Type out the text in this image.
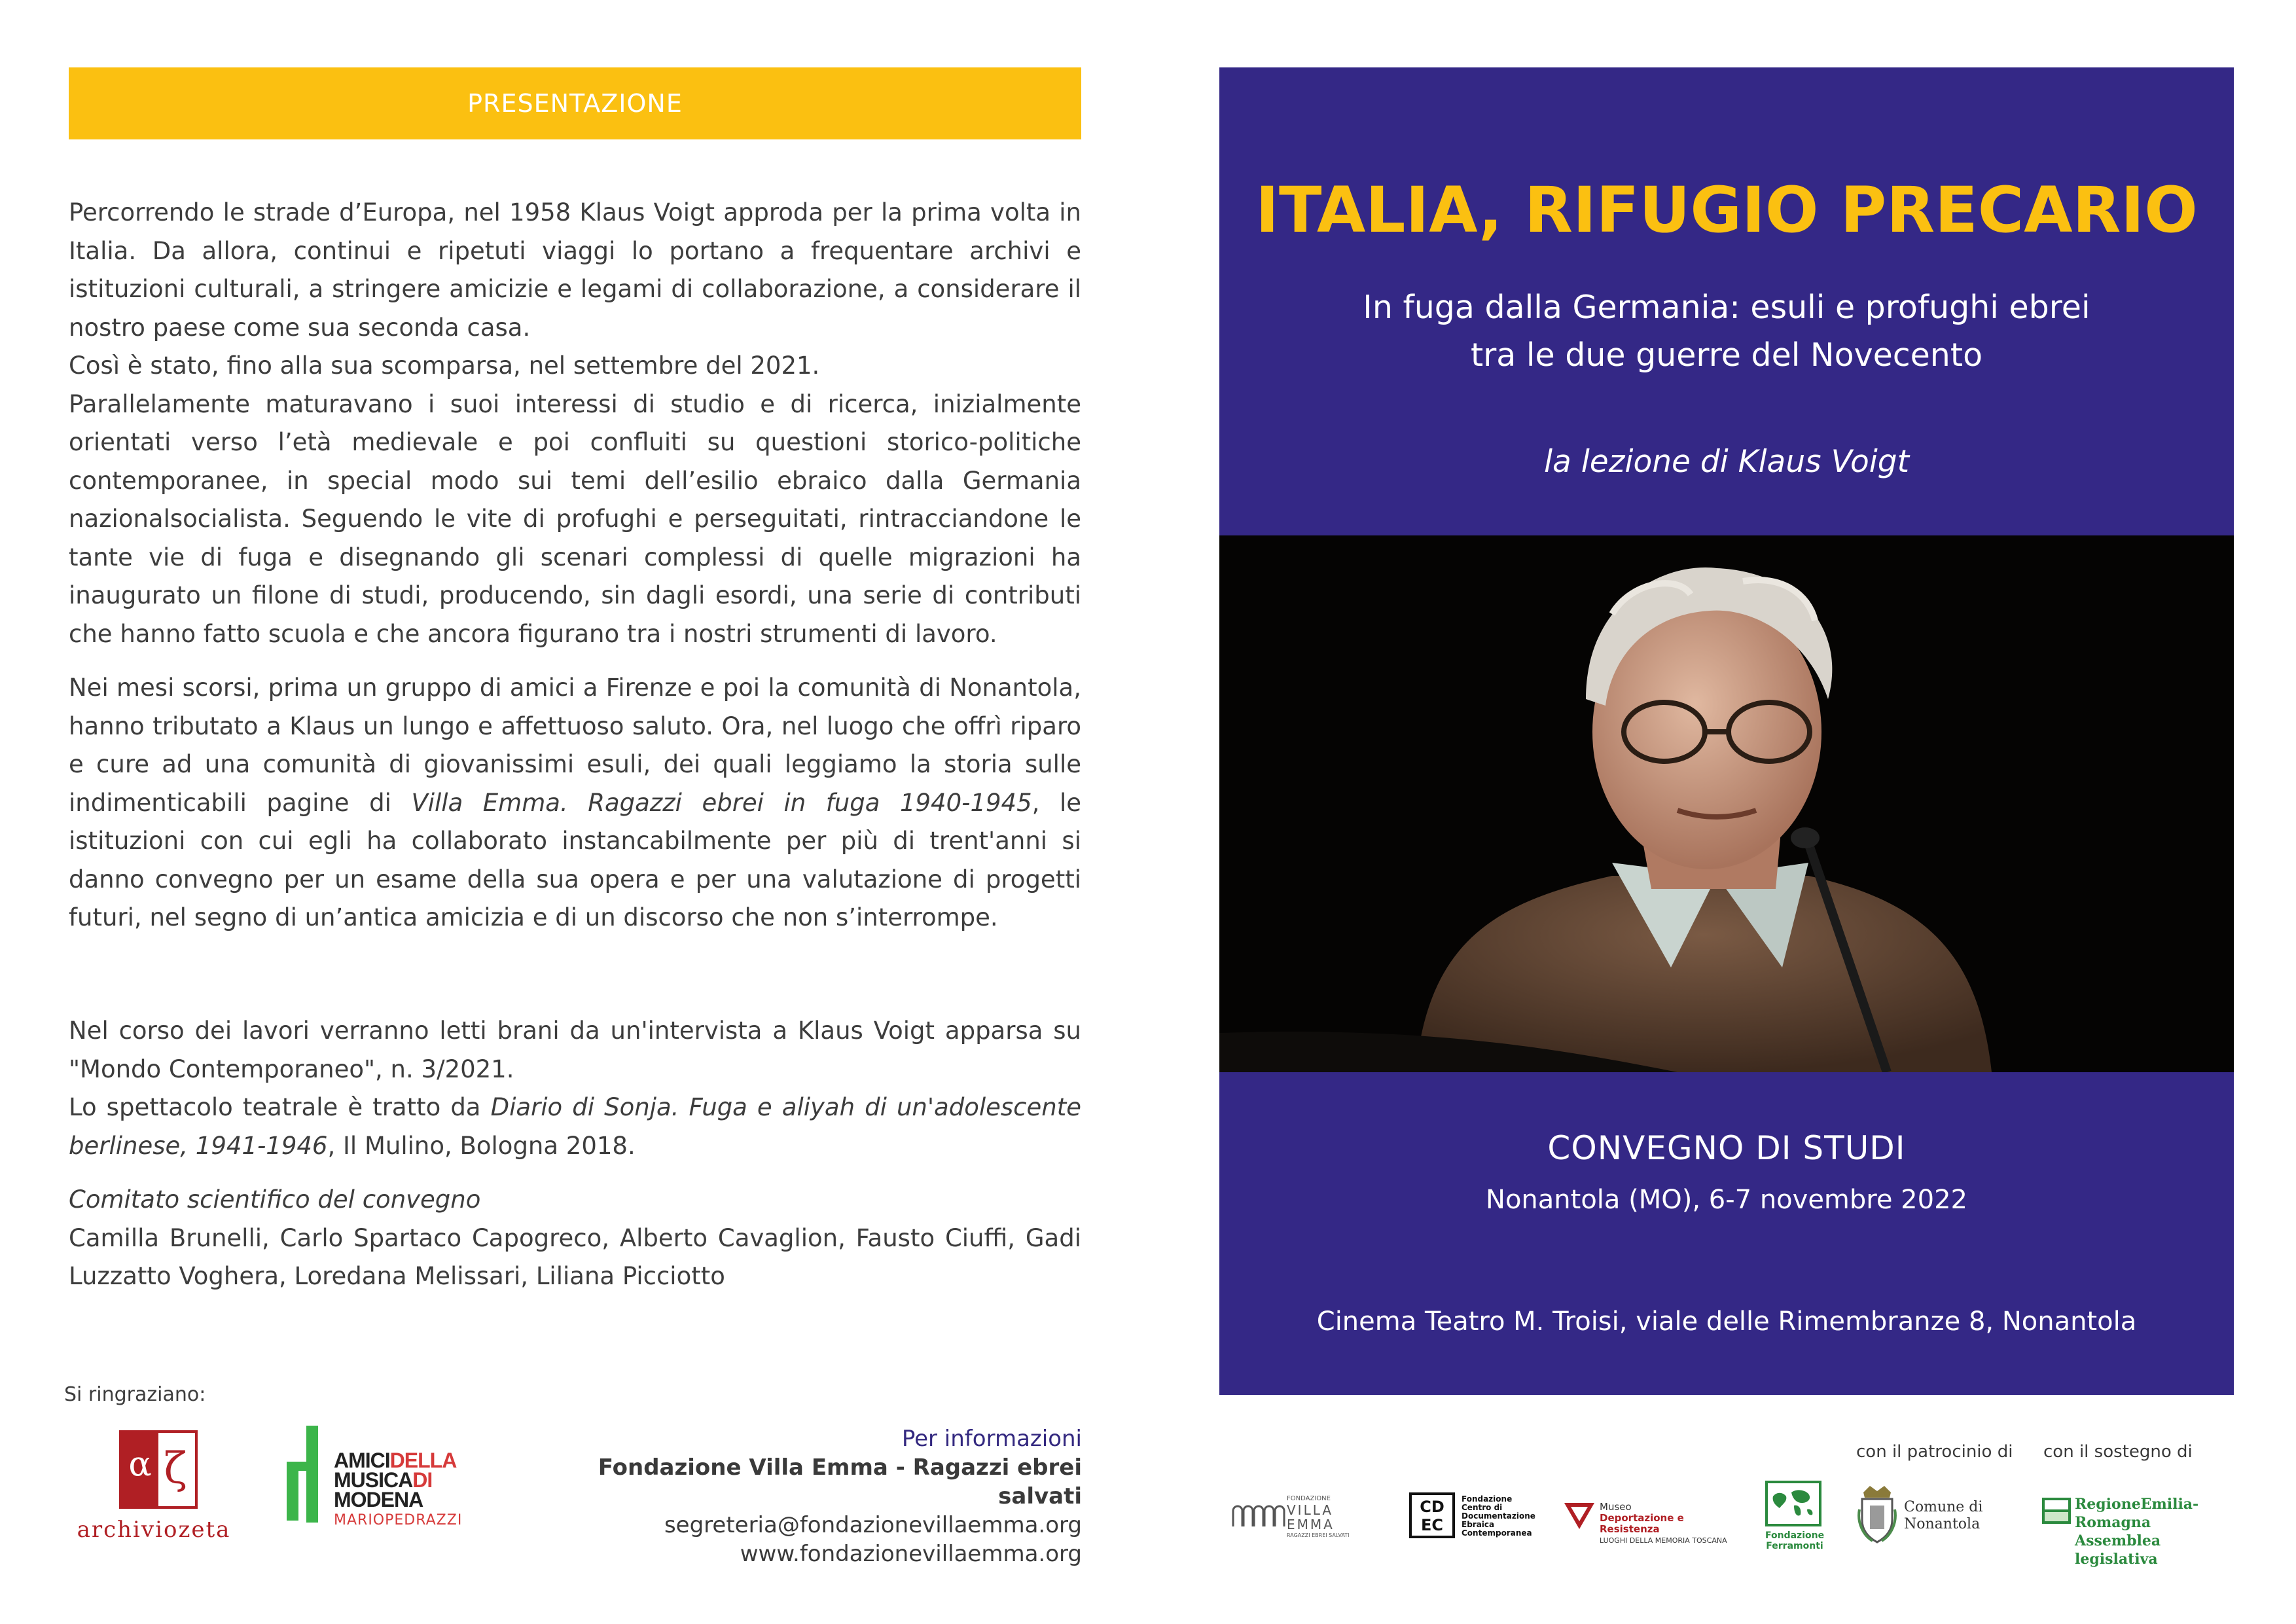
PRESENTAZIONE

Percorrendo le strade d’Europa, nel 1958 Klaus Voigt approda per la prima volta in Italia. Da allora, continui e ripetuti viaggi lo portano a frequentare archivi e istituzioni culturali, a stringere amicizie e legami di collaborazione, a considerare il nostro paese come sua seconda casa.

Così è stato, fino alla sua scomparsa, nel settembre del 2021.

Parallelamente maturavano i suoi interessi di studio e di ricerca, inizialmente orientati verso l’età medievale e poi confluiti su questioni storico-politiche contemporanee, in special modo sui temi dell’esilio ebraico dalla Germania nazionalsocialista. Seguendo le vite di profughi e perseguitati, rintracciandone le tante vie di fuga e disegnando gli scenari complessi di quelle migrazioni ha inaugurato un filone di studi, producendo, sin dagli esordi, una serie di contributi che hanno fatto scuola e che ancora figurano tra i nostri strumenti di lavoro.

Nei mesi scorsi, prima un gruppo di amici a Firenze e poi la comunità di Nonantola, hanno tributato a Klaus un lungo e affettuoso saluto. Ora, nel luogo che offrì riparo e cure ad una comunità di giovanissimi esuli, dei quali leggiamo la storia sulle indimenticabili pagine di Villa Emma. Ragazzi ebrei in fuga 1940-1945, le istituzioni con cui egli ha collaborato instancabilmente per più di trent'anni si danno convegno per un esame della sua opera e per una valutazione di progetti futuri, nel segno di un’antica amicizia e di un discorso che non s’interrompe.

Nel corso dei lavori verranno letti brani da un'intervista a Klaus Voigt apparsa su "Mondo Contemporaneo", n. 3/2021.

Lo spettacolo teatrale è tratto da Diario di Sonja. Fuga e aliyah di un'adolescente berlinese, 1941-1946, Il Mulino, Bologna 2018.

Comitato scientifico del convegno

Camilla Brunelli, Carlo Spartaco Capogreco, Alberto Cavaglion, Fausto Ciuffi, Gadi Luzzatto Voghera, Loredana Melissari, Liliana Picciotto

Si ringraziano:
α ζ
archiviozeta
AMICIDELLA
MUSICADI
MODENA
MARIOPEDRAZZI
Per informazioni
Fondazione Villa Emma - Ragazzi ebrei salvati
segreteria@fondazionevillaemma.org
www.fondazionevillaemma.org
ITALIA, RIFUGIO PRECARIO
In fuga dalla Germania: esuli e profughi ebrei
tra le due guerre del Novecento
la lezione di Klaus Voigt
CONVEGNO DI STUDI
Nonantola (MO), 6-7 novembre 2022
Cinema Teatro M. Troisi, viale delle Rimembranze 8, Nonantola
con il patrocinio di con il sostegno di
FONDAZIONE
VILLA
EMMA
RAGAZZI EBREI SALVATI
CD EC
Fondazione
Centro di
Documentazione
Ebraica
Contemporanea
Museo
Deportazione e Resistenza
LUOGHI DELLA MEMORIA TOSCANA	Fondazione
Ferramonti
Comune di
Nonantola
RegioneEmilia-Romagna
Assemblea legislativa
